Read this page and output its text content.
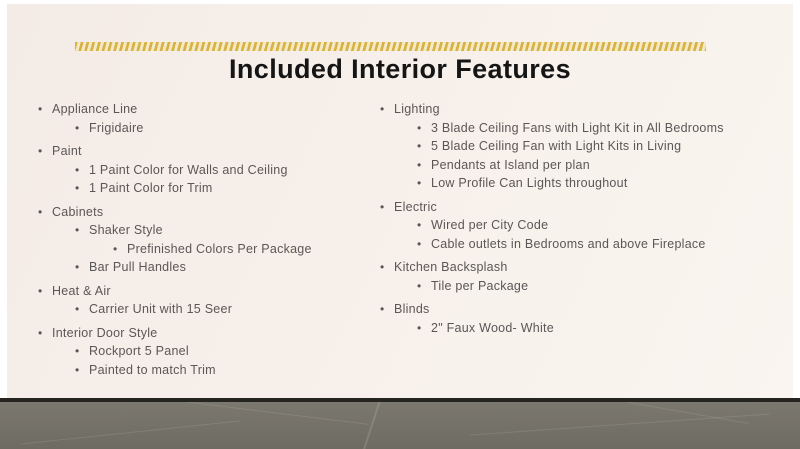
Included Interior Features
• Appliance Line
• Frigidaire
• Paint
• 1 Paint Color for Walls and Ceiling
• 1 Paint Color for Trim
• Cabinets
• Shaker Style
• Prefinished Colors Per Package
• Bar Pull Handles
• Heat & Air
• Carrier Unit with 15 Seer
• Interior Door Style
• Rockport 5 Panel
• Painted to match Trim
• Lighting
• 3 Blade Ceiling Fans with Light Kit in All Bedrooms
• 5 Blade Ceiling Fan with Light Kits in Living
• Pendants at Island per plan
• Low Profile Can Lights throughout
• Electric
• Wired per City Code
• Cable outlets in Bedrooms and above Fireplace
• Kitchen Backsplash
• Tile per Package
• Blinds
• 2" Faux Wood- White
